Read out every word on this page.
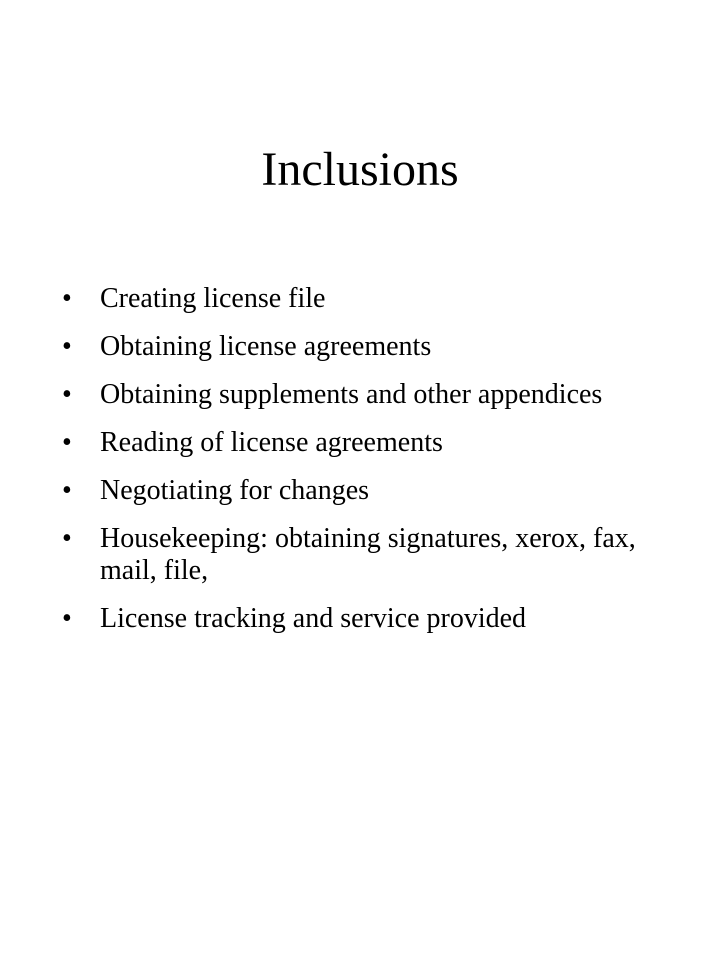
Inclusions
• Creating license file
• Obtaining license agreements
• Obtaining supplements and other appendices
• Reading of license agreements
• Negotiating for changes
• Housekeeping: obtaining signatures, xerox, fax, mail, file,
• License tracking and service provided
